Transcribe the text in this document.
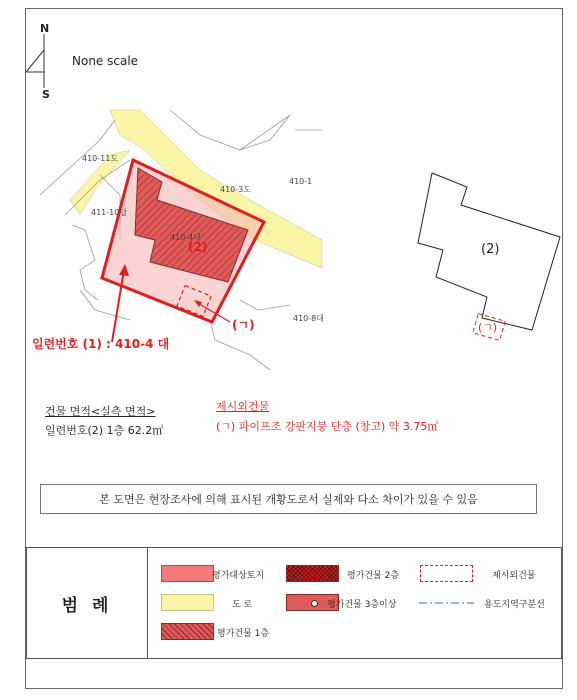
N
S
None scale
410-11도
411-10답
410-3도
410-1
410-4대
410-8대
(2)
(ㄱ)
일련번호 (1) : 410-4 대
(2)
(ㄱ)
건물 면적<실측 면적>
일련번호(2) 1층 62.2㎡
제시외건물
(ㄱ) 파이프조 강판지붕 단층 (창고) 약 3.75㎡
본 도면은 현장조사에 의해 표시된 개황도로서 실제와 다소 차이가 있을 수 있음
범 례
평가대상토지	평가건물 2층	제시외건물
도 로	평가건물 3층이상	용도지역구분선
평가건물 1층
